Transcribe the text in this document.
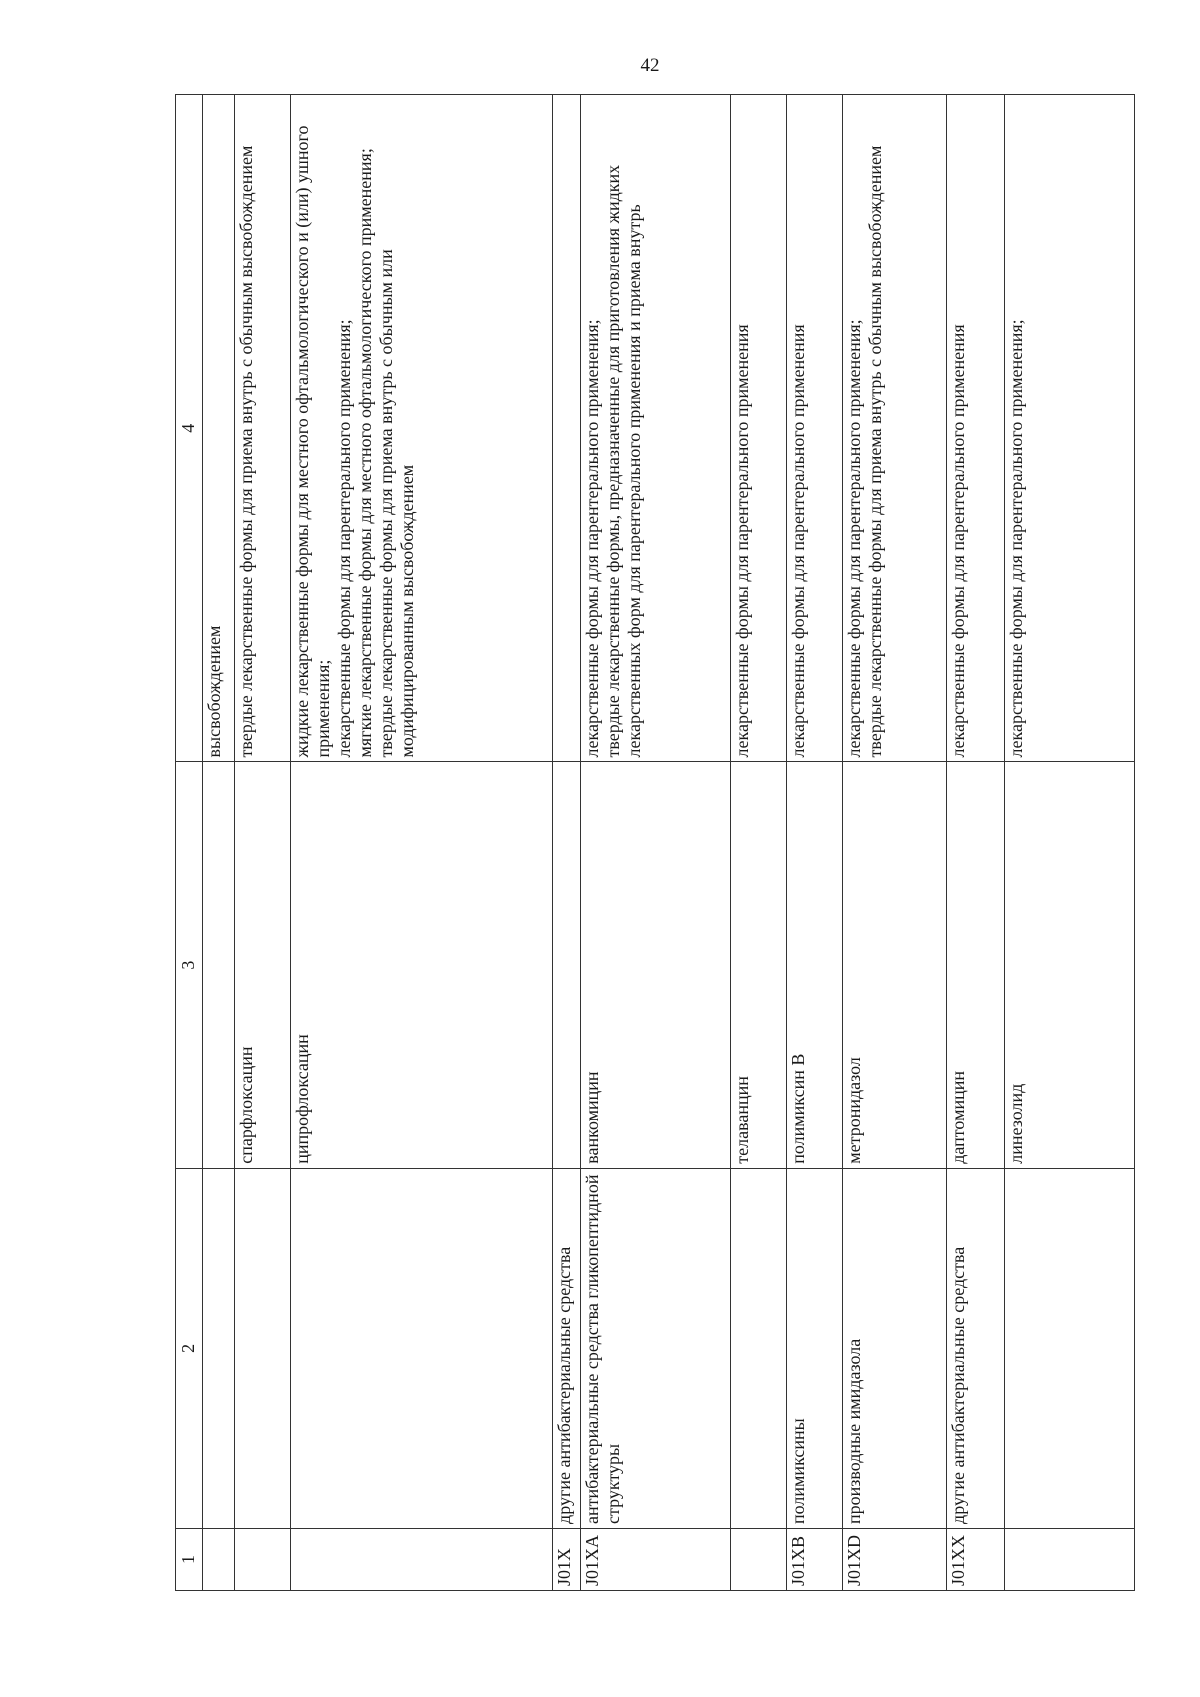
42
1	2	3	4
			высвобождением
		спарфлоксацин	твердые лекарственные формы для приема внутрь с обычным высвобождением
		ципрофлоксацин	жидкие лекарственные формы для местного офтальмологического и (или) ушного применения; лекарственные формы для парентерального применения; мягкие лекарственные формы для местного офтальмологического применения; твердые лекарственные формы для приема внутрь с обычным или модифицированным высвобождением

J01X	другие антибактериальные средства		
J01XA	антибактериальные средства гликопептидной структуры	ванкомицин	лекарственные формы для парентерального применения; твердые лекарственные формы, предназначенные для приготовления жидких лекарственных форм для парентерального применения и приема внутрь

		телаванцин	лекарственные формы для парентерального применения
J01XB	полимиксины	полимиксин В	лекарственные формы для парентерального применения
J01XD	производные имидазола	метронидазол	лекарственные формы для парентерального применения; твердые лекарственные формы для приема внутрь с обычным высвобождением

J01XX	другие антибактериальные средства	даптомицин	лекарственные формы для парентерального применения
		линезолид	лекарственные формы для парентерального применения;
